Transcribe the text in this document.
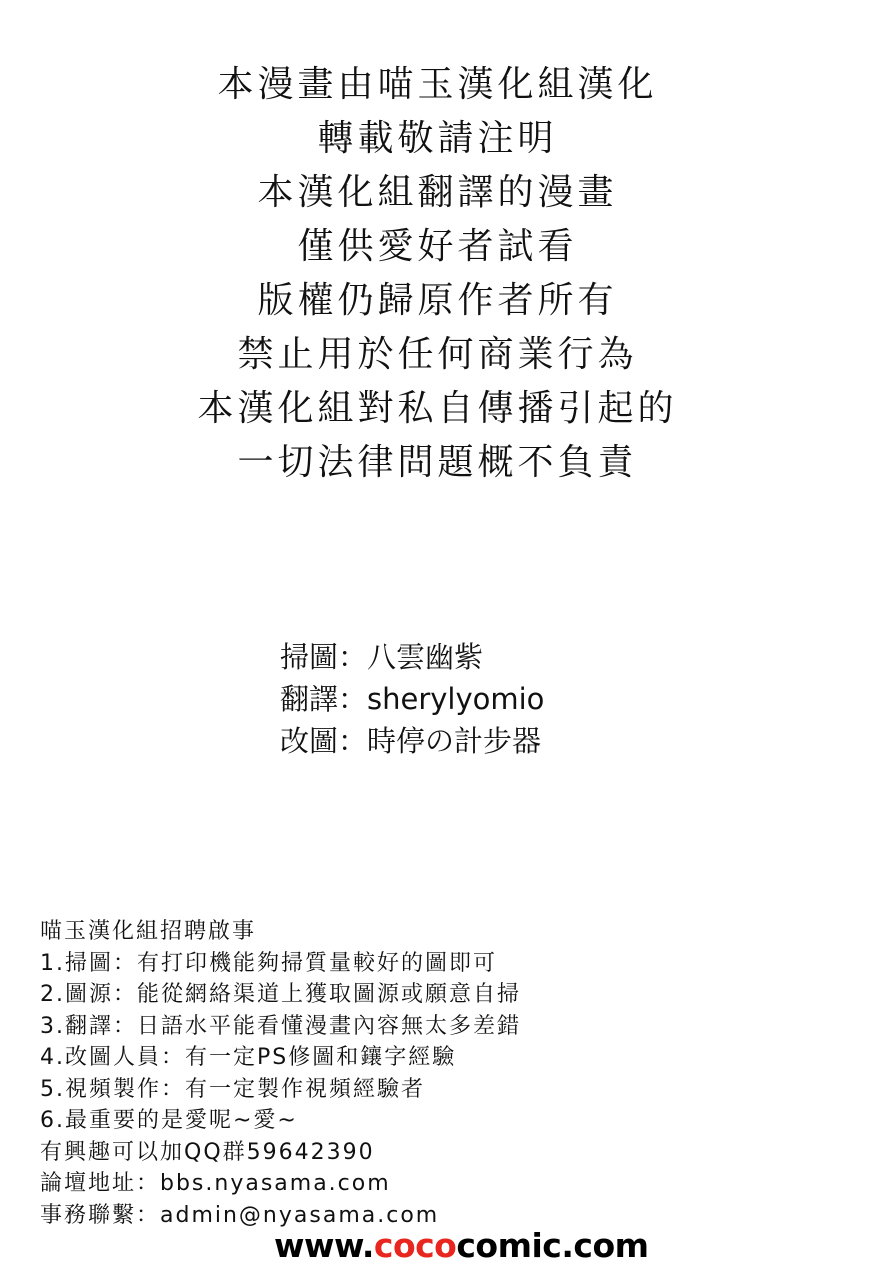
本漫畫由喵玉漢化組漢化
轉載敬請注明
本漢化組翻譯的漫畫
僅供愛好者試看
版權仍歸原作者所有
禁止用於任何商業行為
本漢化組對私自傳播引起的
一切法律問題概不負責
掃圖：八雲幽紫
翻譯：sherylyomio
改圖：時停の計步器
喵玉漢化組招聘啟事
1.掃圖：有打印機能夠掃質量較好的圖即可
2.圖源：能從網絡渠道上獲取圖源或願意自掃
3.翻譯：日語水平能看懂漫畫內容無太多差錯
4.改圖人員：有一定PS修圖和鑲字經驗
5.視頻製作：有一定製作視頻經驗者
6.最重要的是愛呢~愛~
有興趣可以加QQ群59642390
論壇地址：bbs.nyasama.com
事務聯繫：admin@nyasama.com
www.cococomic.com
